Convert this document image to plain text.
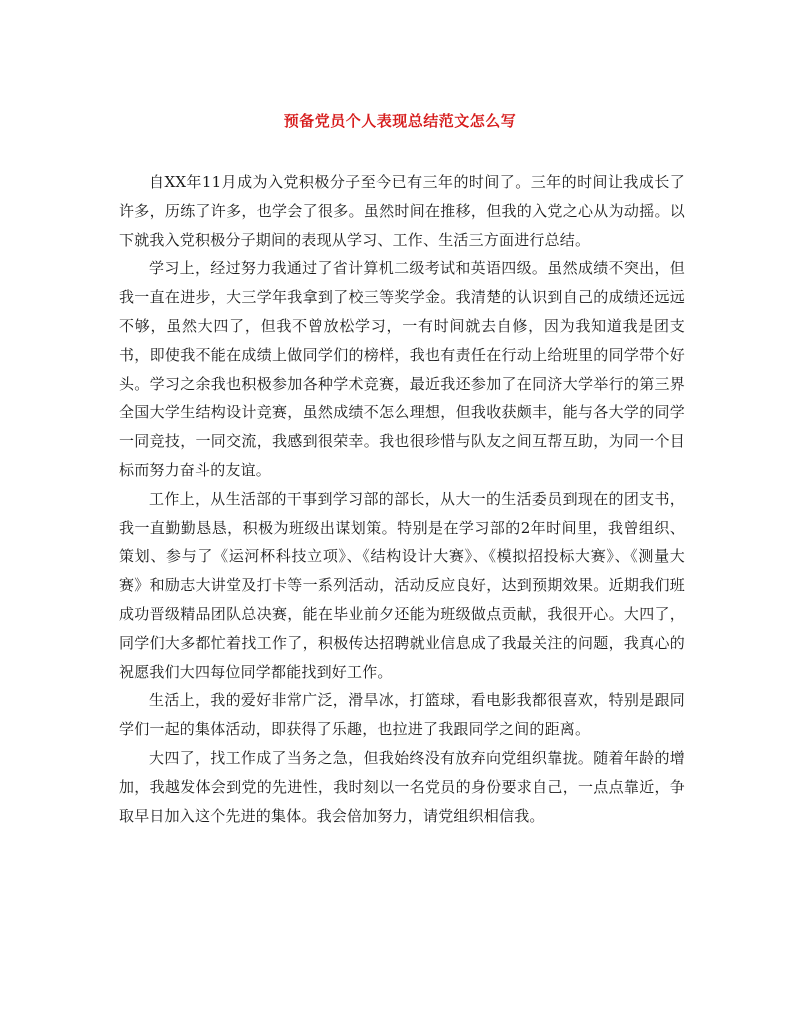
预备党员个人表现总结范文怎么写

自XX年11月成为入党积极分子至今已有三年的时间了。三年的时间让我成长了许多，历练了许多，也学会了很多。虽然时间在推移，但我的入党之心从为动摇。以下就我入党积极分子期间的表现从学习、工作、生活三方面进行总结。

学习上，经过努力我通过了省计算机二级考试和英语四级。虽然成绩不突出，但我一直在进步，大三学年我拿到了校三等奖学金。我清楚的认识到自己的成绩还远远不够，虽然大四了，但我不曾放松学习，一有时间就去自修，因为我知道我是团支书，即使我不能在成绩上做同学们的榜样，我也有责任在行动上给班里的同学带个好头。学习之余我也积极参加各种学术竞赛，最近我还参加了在同济大学举行的第三界全国大学生结构设计竞赛，虽然成绩不怎么理想，但我收获颇丰，能与各大学的同学一同竞技，一同交流，我感到很荣幸。我也很珍惜与队友之间互帮互助，为同一个目标而努力奋斗的友谊。

工作上，从生活部的干事到学习部的部长，从大一的生活委员到现在的团支书，我一直勤勤恳恳，积极为班级出谋划策。特别是在学习部的2年时间里，我曾组织、策划、参与了《运河杯科技立项》、《结构设计大赛》、《模拟招投标大赛》、《测量大赛》和励志大讲堂及打卡等一系列活动，活动反应良好，达到预期效果。近期我们班成功晋级精品团队总决赛，能在毕业前夕还能为班级做点贡献，我很开心。大四了，同学们大多都忙着找工作了，积极传达招聘就业信息成了我最关注的问题，我真心的祝愿我们大四每位同学都能找到好工作。

生活上，我的爱好非常广泛，滑旱冰，打篮球，看电影我都很喜欢，特别是跟同学们一起的集体活动，即获得了乐趣，也拉进了我跟同学之间的距离。

大四了，找工作成了当务之急，但我始终没有放弃向党组织靠拢。随着年龄的增加，我越发体会到党的先进性，我时刻以一名党员的身份要求自己，一点点靠近，争取早日加入这个先进的集体。我会倍加努力，请党组织相信我。
